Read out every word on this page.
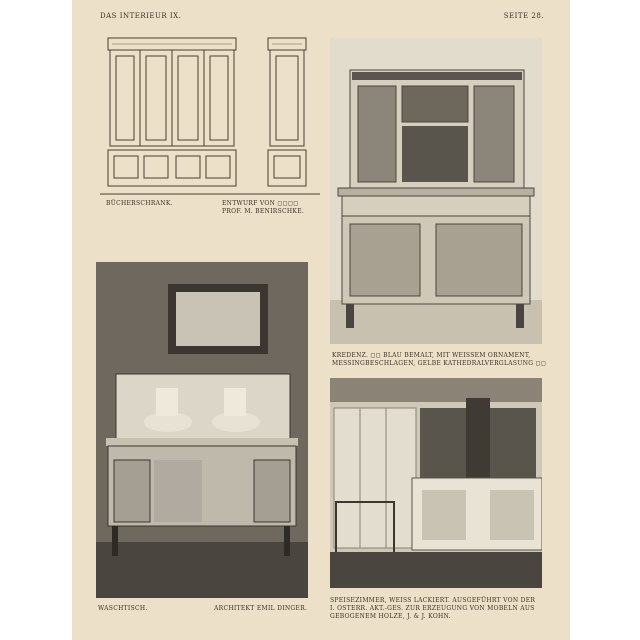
DAS INTERIEUR IX.	SEITE 28.
BÜCHERSCHRANK.	ENTWURF VON ◻◻◻◻
PROF. M. BENIRSCHKE.
KREDENZ. ◻◻ BLAU BEMALT, MIT WEISSEM ORNAMENT,
MESSINGBESCHLAGEN, GELBE KATHEDRALVERGLASUNG ◻◻
WASCHTISCH.	ARCHITEKT EMIL DINGER.
SPEISEZIMMER, WEISS LACKIERT. AUSGEFÜHRT VON DER
I. OSTERR. AKT.-GES. ZUR ERZEUGUNG VON MOBELN AUS
GEBOGENEM HOLZE, J. & J. KOHN.
